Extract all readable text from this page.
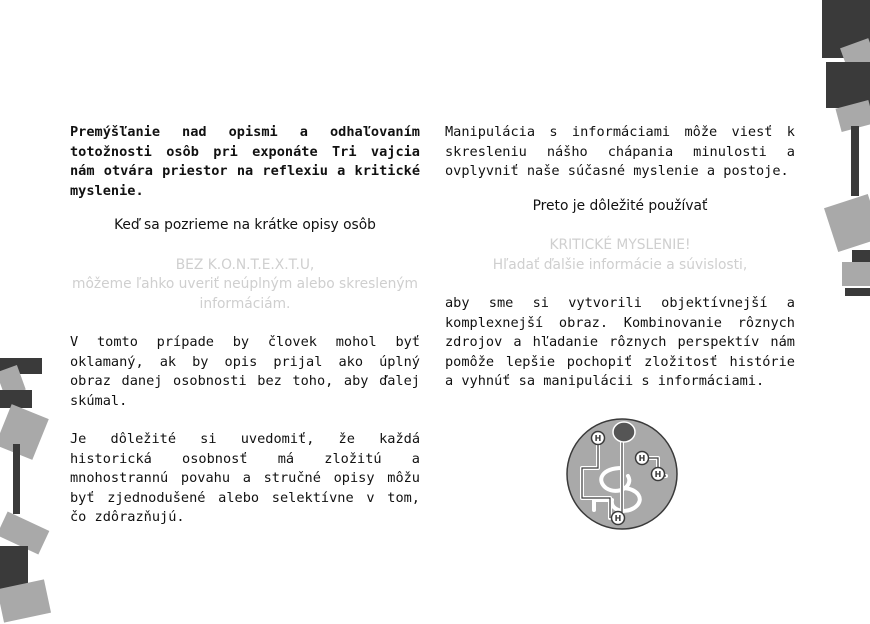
Premýšľanie nad opismi a odhaľovaním totožnosti osôb pri exponáte Tri vajcia nám otvára priestor na reflexiu a kritické myslenie.

Keď sa pozrieme na krátke opisy osôb

BEZ K.O.N.T.E.X.T.U,

môžeme ľahko uveriť neúplným alebo skresleným informáciám.

V tomto prípade by človek mohol byť oklamaný, ak by opis prijal ako úplný obraz danej osobnosti bez toho, aby ďalej skúmal.

Je dôležité si uvedomiť, že každá historická osobnosť má zložitú a mnohostrannú povahu a stručné opisy môžu byť zjednodušené alebo selektívne v tom, čo zdôrazňujú.

Manipulácia s informáciami môže viesť k skresleniu nášho chápania minulosti a ovplyvniť naše súčasné myslenie a postoje.

Preto je dôležité používať

KRITICKÉ MYSLENIE!

Hľadať ďalšie informácie a súvislosti,

aby sme si vytvorili objektívnejší a komplexnejší obraz. Kombinovanie rôznych zdrojov a hľadanie rôznych perspektív nám pomôže lepšie pochopiť zložitosť histórie a vyhnúť sa manipulácii s informáciami.

H
H
H
H
